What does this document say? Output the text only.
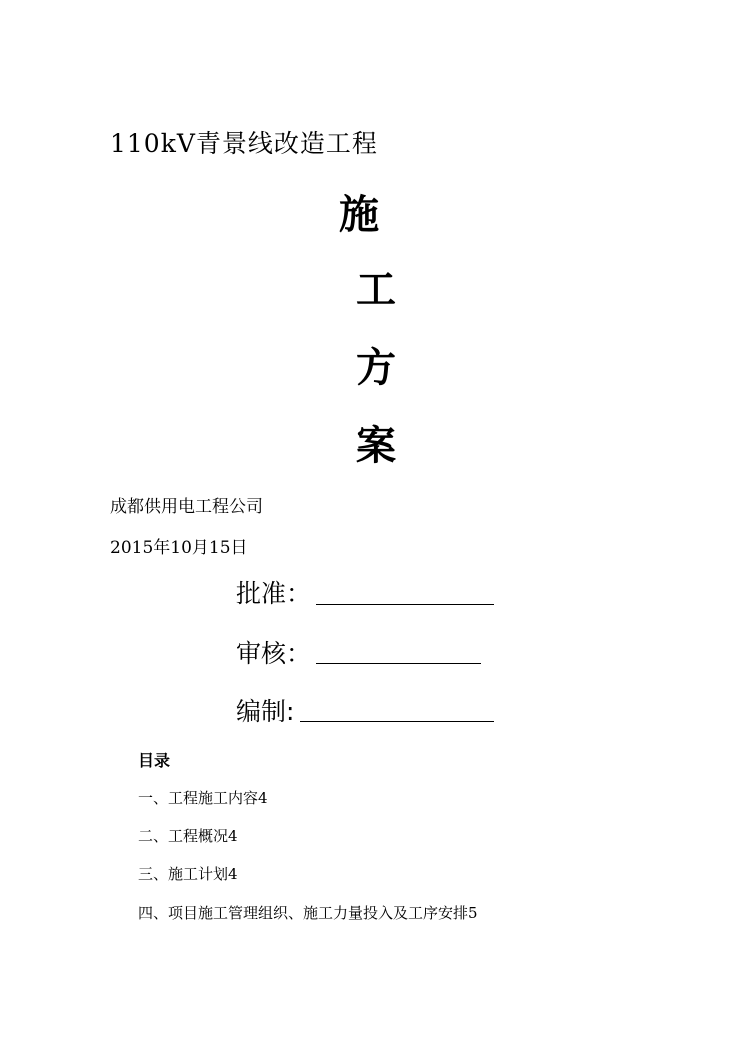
110kV青景线改造工程
施
工
方
案
成都供用电工程公司
2015年10月15日
批准：
审核：
编制:
目录
一、工程施工内容4
二、工程概况4
三、施工计划4
四、项目施工管理组织、施工力量投入及工序安排5
